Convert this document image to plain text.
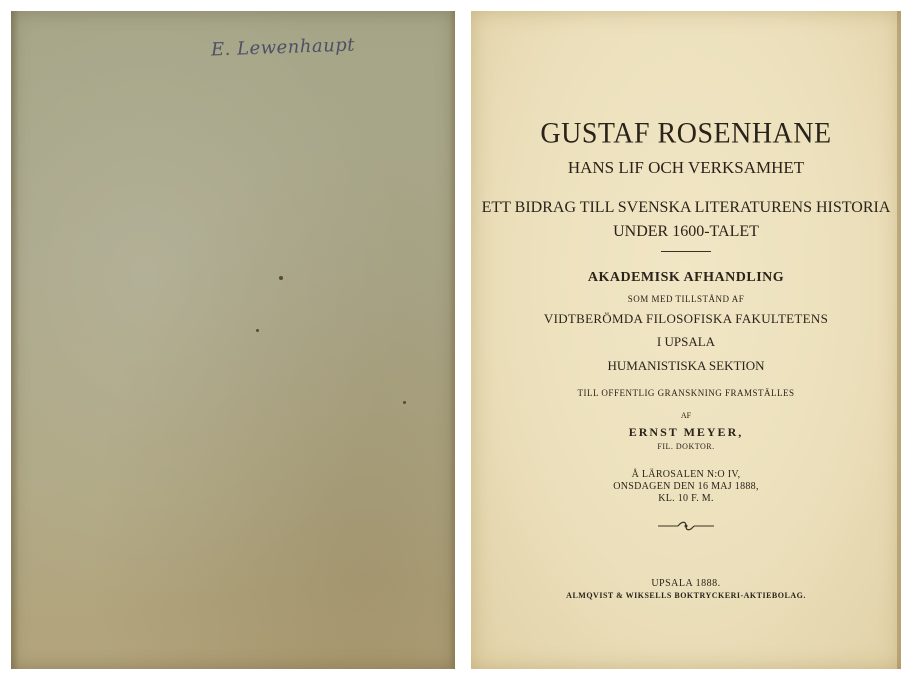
E. Lewenhaupt
GUSTAF ROSENHANE
HANS LIF OCH VERKSAMHET
ETT BIDRAG TILL SVENSKA LITERATURENS HISTORIA
UNDER 1600-TALET
AKADEMISK AFHANDLING
SOM MED TILLSTÅND AF
VIDTBERÖMDA FILOSOFISKA FAKULTETENS
I UPSALA
HUMANISTISKA SEKTION
TILL OFFENTLIG GRANSKNING FRAMSTÄLLES
AF
ERNST MEYER,
FIL. DOKTOR.
Å LÄROSALEN N:O IV,
ONSDAGEN DEN 16 MAJ 1888,
KL. 10 F. M.
UPSALA 1888.
ALMQVIST & WIKSELLS BOKTRYCKERI-AKTIEBOLAG.
